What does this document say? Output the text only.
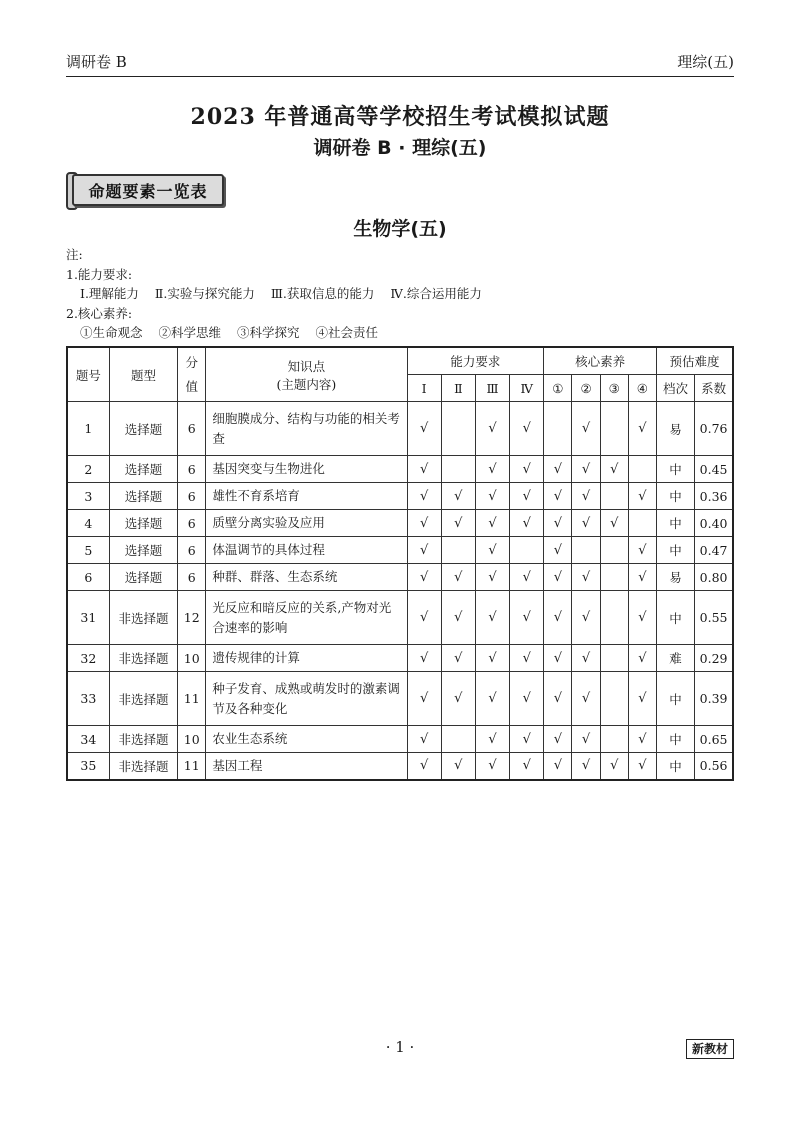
调研卷 B	理综(五)
2023 年普通高等学校招生考试模拟试题
调研卷 B · 理综(五)
命题要素一览表
生物学(五)
注:
1.能力要求:
Ⅰ.理解能力 Ⅱ.实验与探究能力 Ⅲ.获取信息的能力 Ⅳ.综合运用能力
2.核心素养:
①生命观念 ②科学思维 ③科学探究 ④社会责任
题号	题型	分值	知识点
(主题内容)	能力要求				核心素养				预估难度	
				Ⅰ	Ⅱ	Ⅲ	Ⅳ	①	②	③	④	档次	系数
1	选择题	6	细胞膜成分、结构与功能的相关考查	√		√	√		√		√	易	0.76
2	选择题	6	基因突变与生物进化	√		√	√	√	√	√		中	0.45
3	选择题	6	雄性不育系培育	√	√	√	√	√	√		√	中	0.36
4	选择题	6	质壁分离实验及应用	√	√	√	√	√	√	√		中	0.40
5	选择题	6	体温调节的具体过程	√		√		√			√	中	0.47
6	选择题	6	种群、群落、生态系统	√	√	√	√	√	√		√	易	0.80
31	非选择题	12	光反应和暗反应的关系,产物对光合速率的影响	√	√	√	√	√	√		√	中	0.55
32	非选择题	10	遗传规律的计算	√	√	√	√	√	√		√	难	0.29
33	非选择题	11	种子发育、成熟或萌发时的激素调节及各种变化	√	√	√	√	√	√		√	中	0.39
34	非选择题	10	农业生态系统	√		√	√	√	√		√	中	0.65
35	非选择题	11	基因工程	√	√	√	√	√	√	√	√	中	0.56
· 1 ·	新教材
